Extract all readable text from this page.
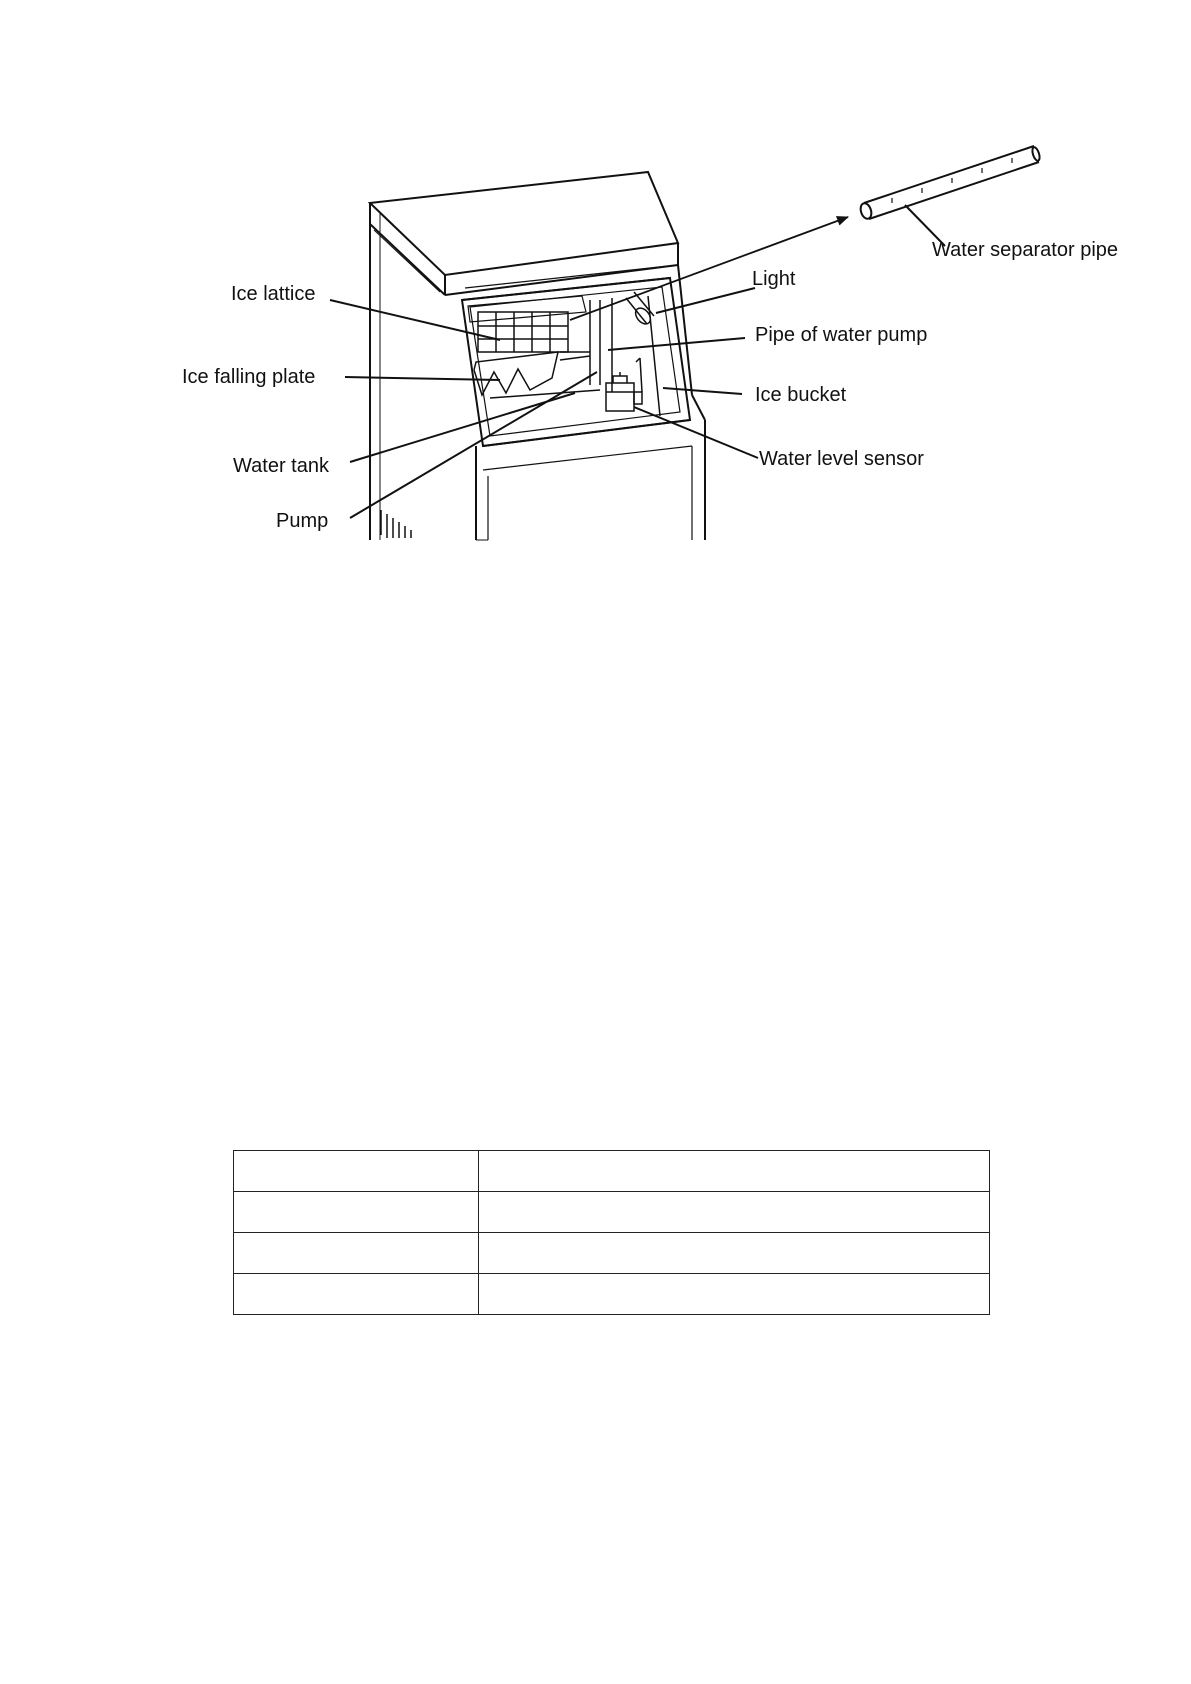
Ice lattice
Ice falling plate
Water tank
Pump
Light
Pipe of water pump
Ice bucket
Water level sensor
Water separator pipe
